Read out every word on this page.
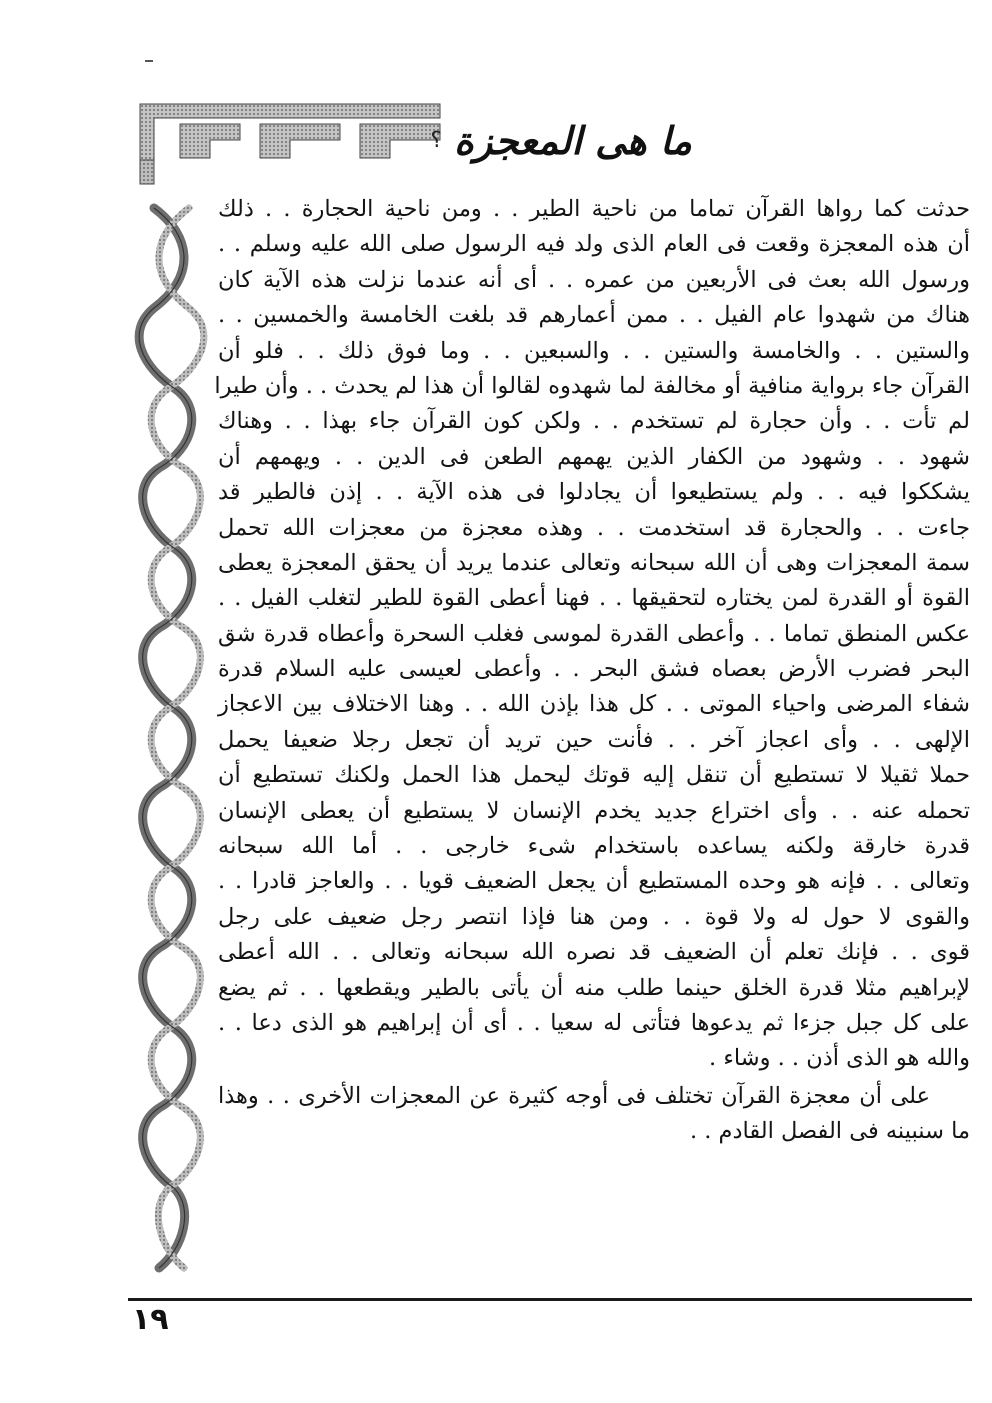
ما هى المعجزة
؟
حدثت كما رواها القرآن تماما من ناحية الطير . . ومن ناحية الحجارة . . ذلك
أن هذه المعجزة وقعت فى العام الذى ولد فيه الرسول صلى الله عليه وسلم . .
ورسول الله بعث فى الأربعين من عمره . . أى أنه عندما نزلت هذه الآية كان
هناك من شهدوا عام الفيل . . ممن أعمارهم قد بلغت الخامسة والخمسين . .
والستين . . والخامسة والستين . . والسبعين . . وما فوق ذلك . . فلو أن
القرآن جاء برواية منافية أو مخالفة لما شهدوه لقالوا أن هذا لم يحدث . . وأن طيرا
لم تأت . . وأن حجارة لم تستخدم . . ولكن كون القرآن جاء بهذا . . وهناك
شهود . . وشهود من الكفار الذين يهمهم الطعن فى الدين . . ويهمهم أن
يشككوا فيه . . ولم يستطيعوا أن يجادلوا فى هذه الآية . . إذن فالطير قد
جاءت . . والحجارة قد استخدمت . . وهذه معجزة من معجزات الله تحمل
سمة المعجزات وهى أن الله سبحانه وتعالى عندما يريد أن يحقق المعجزة يعطى
القوة أو القدرة لمن يختاره لتحقيقها . . فهنا أعطى القوة للطير لتغلب الفيل . .
عكس المنطق تماما . . وأعطى القدرة لموسى فغلب السحرة وأعطاه قدرة شق
البحر فضرب الأرض بعصاه فشق البحر . . وأعطى لعيسى عليه السلام قدرة
شفاء المرضى واحياء الموتى . . كل هذا بإذن الله . . وهنا الاختلاف بين الاعجاز
الإلهى . . وأى اعجاز آخر . . فأنت حين تريد أن تجعل رجلا ضعيفا يحمل
حملا ثقيلا لا تستطيع أن تنقل إليه قوتك ليحمل هذا الحمل ولكنك تستطيع أن
تحمله عنه . . وأى اختراع جديد يخدم الإنسان لا يستطيع أن يعطى الإنسان
قدرة خارقة ولكنه يساعده باستخدام شىء خارجى . . أما الله سبحانه
وتعالى . . فإنه هو وحده المستطيع أن يجعل الضعيف قويا . . والعاجز قادرا . .
والقوى لا حول له ولا قوة . . ومن هنا فإذا انتصر رجل ضعيف على رجل
قوى . . فإنك تعلم أن الضعيف قد نصره الله سبحانه وتعالى . . الله أعطى
لإبراهيم مثلا قدرة الخلق حينما طلب منه أن يأتى بالطير ويقطعها . . ثم يضع
على كل جبل جزءا ثم يدعوها فتأتى له سعيا . . أى أن إبراهيم هو الذى دعا . .
والله هو الذى أذن . . وشاء .
على أن معجزة القرآن تختلف فى أوجه كثيرة عن المعجزات الأخرى . . وهذا
ما سنبينه فى الفصل القادم . .
١٩
